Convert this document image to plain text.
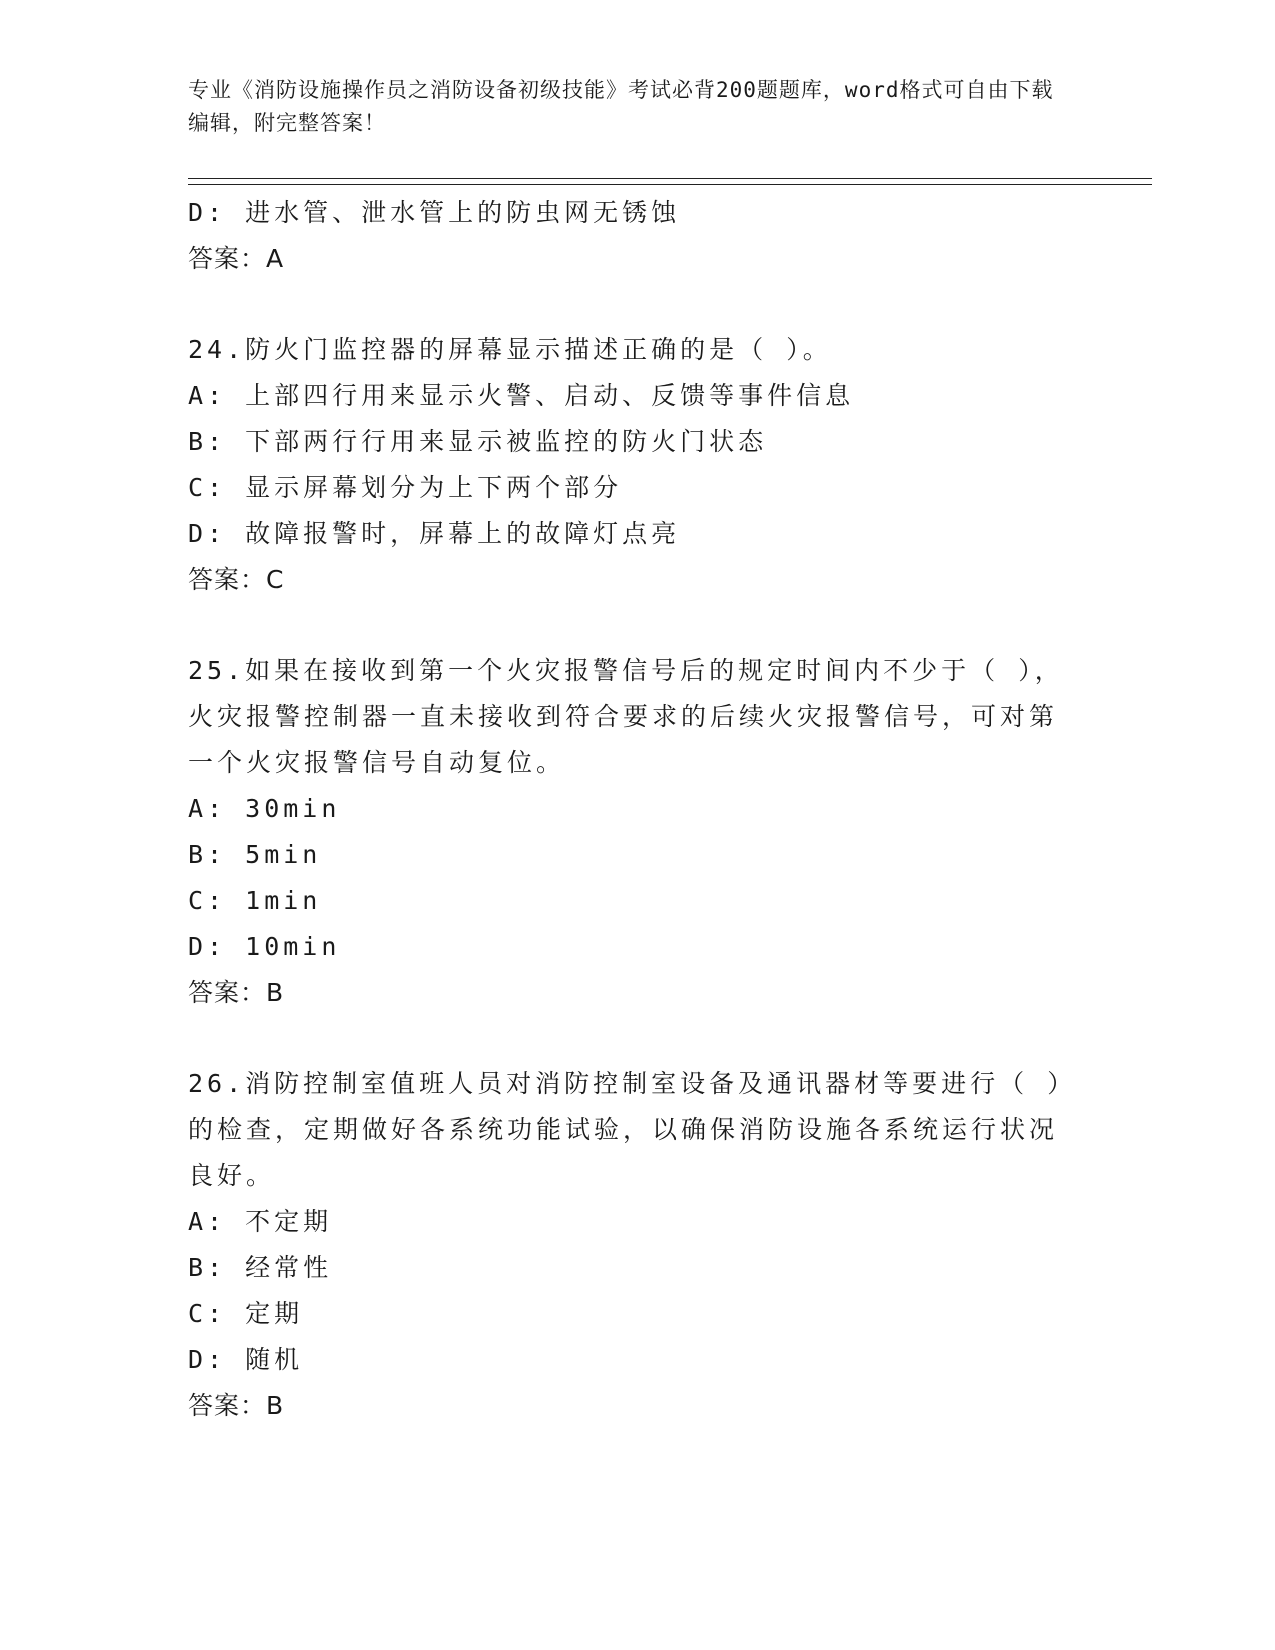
专业《消防设施操作员之消防设备初级技能》考试必背200题题库，word格式可自由下载编辑，附完整答案！
D: 进水管、泄水管上的防虫网无锈蚀
答案：A
24.防火门监控器的屏幕显示描述正确的是（ ）。
A: 上部四行用来显示火警、启动、反馈等事件信息
B: 下部两行行用来显示被监控的防火门状态
C: 显示屏幕划分为上下两个部分
D: 故障报警时，屏幕上的故障灯点亮
答案：C
25.如果在接收到第一个火灾报警信号后的规定时间内不少于（ ），火灾报警控制器一直未接收到符合要求的后续火灾报警信号，可对第一个火灾报警信号自动复位。
A: 30min
B: 5min
C: 1min
D: 10min
答案：B
26.消防控制室值班人员对消防控制室设备及通讯器材等要进行（ ）的检查，定期做好各系统功能试验，以确保消防设施各系统运行状况良好。
A: 不定期
B: 经常性
C: 定期
D: 随机
答案：B
